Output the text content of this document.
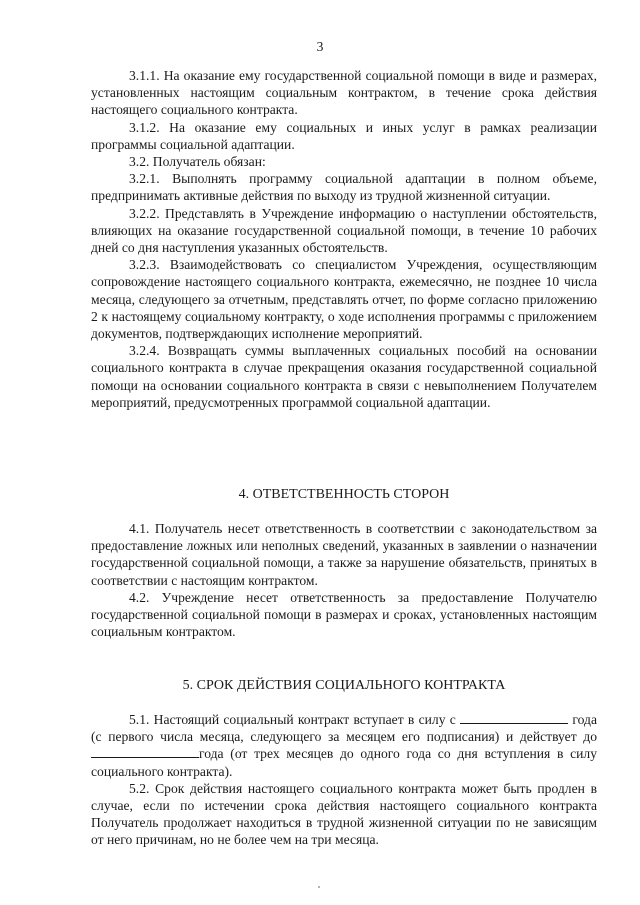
3

3.1.1. На оказание ему государственной социальной помощи в виде и размерах, установленных настоящим социальным контрактом, в течение срока действия настоящего социального контракта.

3.1.2. На оказание ему социальных и иных услуг в рамках реализации программы социальной адаптации.

3.2. Получатель обязан:

3.2.1. Выполнять программу социальной адаптации в полном объеме, предпринимать активные действия по выходу из трудной жизненной ситуации.

3.2.2. Представлять в Учреждение информацию о наступлении обстоятельств, влияющих на оказание государственной социальной помощи, в течение 10 рабочих дней со дня наступления указанных обстоятельств.

3.2.3. Взаимодействовать со специалистом Учреждения, осуществляющим сопровождение настоящего социального контракта, ежемесячно, не позднее 10 числа месяца, следующего за отчетным, представлять отчет, по форме согласно приложению 2 к настоящему социальному контракту, о ходе исполнения программы с приложением документов, подтверждающих исполнение мероприятий.

3.2.4. Возвращать суммы выплаченных социальных пособий на основании социального контракта в случае прекращения оказания государственной социальной помощи на основании социального контракта в связи с невыполнением Получателем мероприятий, предусмотренных программой социальной адаптации.

4. ОТВЕТСТВЕННОСТЬ СТОРОН

4.1. Получатель несет ответственность в соответствии с законодательством за предоставление ложных или неполных сведений, указанных в заявлении о назначении государственной социальной помощи, а также за нарушение обязательств, принятых в соответствии с настоящим контрактом.

4.2. Учреждение несет ответственность за предоставление Получателю государственной социальной помощи в размерах и сроках, установленных настоящим социальным контрактом.

5. СРОК ДЕЙСТВИЯ СОЦИАЛЬНОГО КОНТРАКТА

5.1. Настоящий социальный контракт вступает в силу с	года (с первого числа месяца, следующего за месяцем его подписания) и действует до года (от трех месяцев до одного года со дня вступления в силу социального контракта).

5.2. Срок действия настоящего социального контракта может быть продлен в случае, если по истечении срока действия настоящего социального контракта Получатель продолжает находиться в трудной жизненной ситуации по не зависящим от него причинам, но не более чем на три месяца.
